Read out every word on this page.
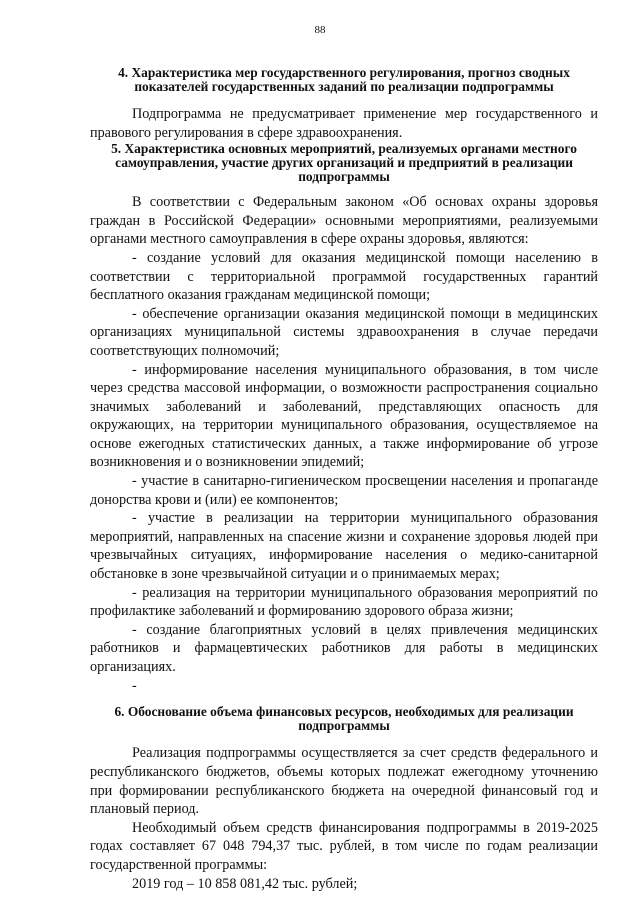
88

4. Характеристика мер государственного регулирования, прогноз сводных показателей государственных заданий по реализации подпрограммы

Подпрограмма не предусматривает применение мер государственного и правового регулирования в сфере здравоохранения.

5. Характеристика основных мероприятий, реализуемых органами местного самоуправления, участие других организаций и предприятий в реализации подпрограммы

В соответствии с Федеральным законом «Об основах охраны здоровья граждан в Российской Федерации» основными мероприятиями, реализуемыми органами местного самоуправления в сфере охраны здоровья, являются:

- создание условий для оказания медицинской помощи населению в соответствии с территориальной программой государственных гарантий бесплатного оказания гражданам медицинской помощи;

- обеспечение организации оказания медицинской помощи в медицинских организациях муниципальной системы здравоохранения в случае передачи соответствующих полномочий;

- информирование населения муниципального образования, в том числе через средства массовой информации, о возможности распространения социально значимых заболеваний и заболеваний, представляющих опасность для окружающих, на территории муниципального образования, осуществляемое на основе ежегодных статистических данных, а также информирование об угрозе возникновения и о возникновении эпидемий;

- участие в санитарно-гигиеническом просвещении населения и пропаганде донорства крови и (или) ее компонентов;

- участие в реализации на территории муниципального образования мероприятий, направленных на спасение жизни и сохранение здоровья людей при чрезвычайных ситуациях, информирование населения о медико-санитарной обстановке в зоне чрезвычайной ситуации и о принимаемых мерах;

- реализация на территории муниципального образования мероприятий по профилактике заболеваний и формированию здорового образа жизни;

- создание благоприятных условий в целях привлечения медицинских работников и фармацевтических работников для работы в медицинских организациях.

-

6. Обоснование объема финансовых ресурсов, необходимых для реализации подпрограммы

Реализация подпрограммы осуществляется за счет средств федерального и республиканского бюджетов, объемы которых подлежат ежегодному уточнению при формировании республиканского бюджета на очередной финансовый год и плановый период.

Необходимый объем средств финансирования подпрограммы в 2019-2025 годах составляет 67 048 794,37 тыс. рублей, в том числе по годам реализации государственной программы:

2019 год – 10 858 081,42 тыс. рублей;
